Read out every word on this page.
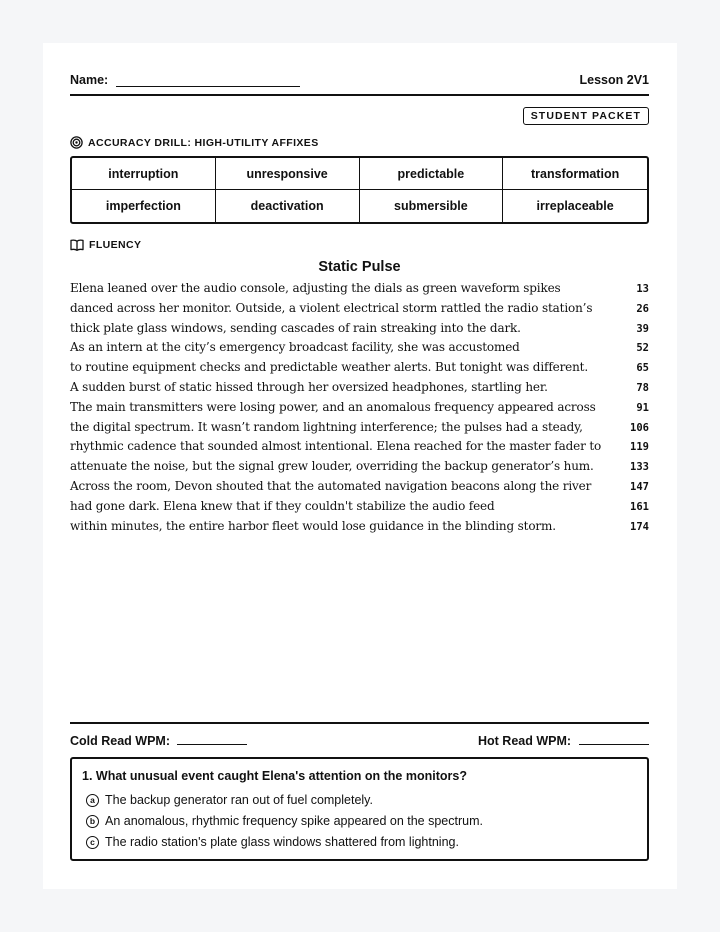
Name:	Lesson 2V1
STUDENT PACKET
ACCURACY DRILL: HIGH-UTILITY AFFIXES
interruption	unresponsive	predictable	transformation
imperfection	deactivation	submersible	irreplaceable
FLUENCY
Static Pulse
Elena leaned over the audio console, adjusting the dials as green waveform spikes	13
danced across her monitor. Outside, a violent electrical storm rattled the radio station’s	26
thick plate glass windows, sending cascades of rain streaking into the dark.	39
As an intern at the city’s emergency broadcast facility, she was accustomed	52
to routine equipment checks and predictable weather alerts. But tonight was different.	65
A sudden burst of static hissed through her oversized headphones, startling her.	78
The main transmitters were losing power, and an anomalous frequency appeared across	91
the digital spectrum. It wasn’t random lightning interference; the pulses had a steady,	106
rhythmic cadence that sounded almost intentional. Elena reached for the master fader to	119
attenuate the noise, but the signal grew louder, overriding the backup generator’s hum.	133
Across the room, Devon shouted that the automated navigation beacons along the river	147
had gone dark. Elena knew that if they couldn't stabilize the audio feed	161
within minutes, the entire harbor fleet would lose guidance in the blinding storm.	174
Cold Read WPM:	Hot Read WPM:
1. What unusual event caught Elena's attention on the monitors?
a The backup generator ran out of fuel completely.
b An anomalous, rhythmic frequency spike appeared on the spectrum.
c The radio station's plate glass windows shattered from lightning.
